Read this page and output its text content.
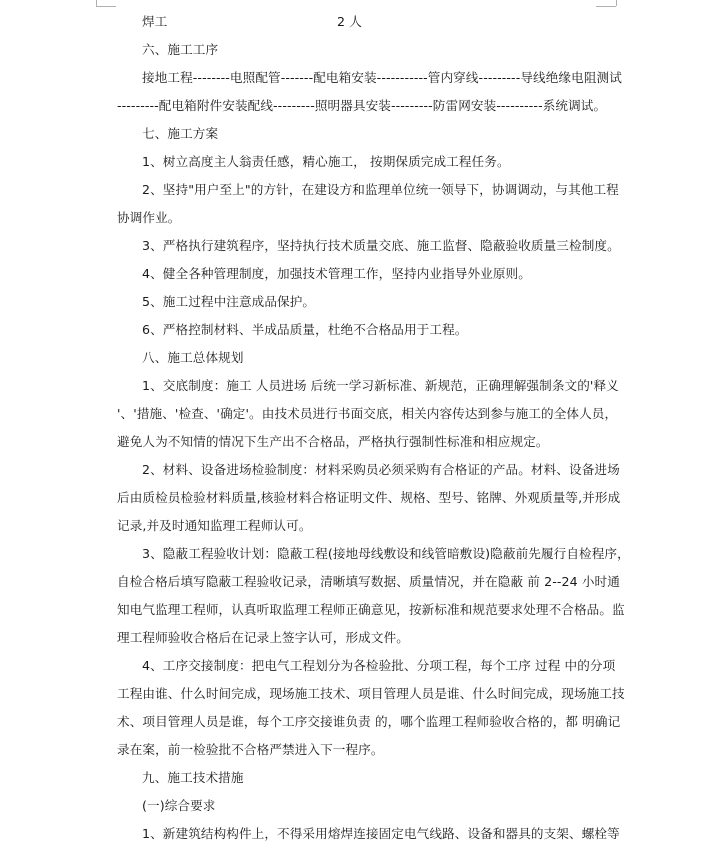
焊工	2 人
六、施工工序
接地工程--------电照配管-------配电箱安装-----------管内穿线---------导线绝缘电阻测试
---------配电箱附件安装配线---------照明器具安装---------防雷网安装----------系统调试。
七、施工方案
1、树立高度主人翁责任感，精心施工， 按期保质完成工程任务。
2、坚持"用户至上"的方针，在建设方和监理单位统一领导下，协调调动，与其他工程
协调作业。
3、严格执行建筑程序，坚持执行技术质量交底、施工监督、隐蔽验收质量三检制度。
4、健全各种管理制度，加强技术管理工作，坚持内业指导外业原则。
5、施工过程中注意成品保护。
6、严格控制材料、半成品质量，杜绝不合格品用于工程。
八、施工总体规划
1、交底制度：施工 人员进场 后统一学习新标准、新规范，正确理解强制条文的'释义
'、'措施、'检查、'确定'。由技术员进行书面交底，相关内容传达到参与施工的全体人员，
避免人为不知情的情况下生产出不合格品，严格执行强制性标准和相应规定。
2、材料、设备进场检验制度：材料采购员必须采购有合格证的产品。材料、设备进场
后由质检员检验材料质量,核验材料合格证明文件、规格、型号、铭牌、外观质量等,并形成
记录,并及时通知监理工程师认可。
3、隐蔽工程验收计划：隐蔽工程(接地母线敷设和线管暗敷设)隐蔽前先履行自检程序，
自检合格后填写隐蔽工程验收记录，清晰填写数据、质量情况，并在隐蔽 前 2--24 小时通
知电气监理工程师，认真听取监理工程师正确意见，按新标准和规范要求处理不合格品。监
理工程师验收合格后在记录上签字认可，形成文件。
4、工序交接制度：把电气工程划分为各检验批、分项工程，每个工序 过程 中的分项
工程由谁、什么时间完成，现场施工技术、项目管理人员是谁、什么时间完成，现场施工技
术、项目管理人员是谁，每个工序交接谁负责 的，哪个监理工程师验收合格的，都 明确记
录在案，前一检验批不合格严禁进入下一程序。
九、施工技术措施
(一)综合要求
1、新建筑结构构件上，不得采用熔焊连接固定电气线路、设备和器具的支架、螺栓等
